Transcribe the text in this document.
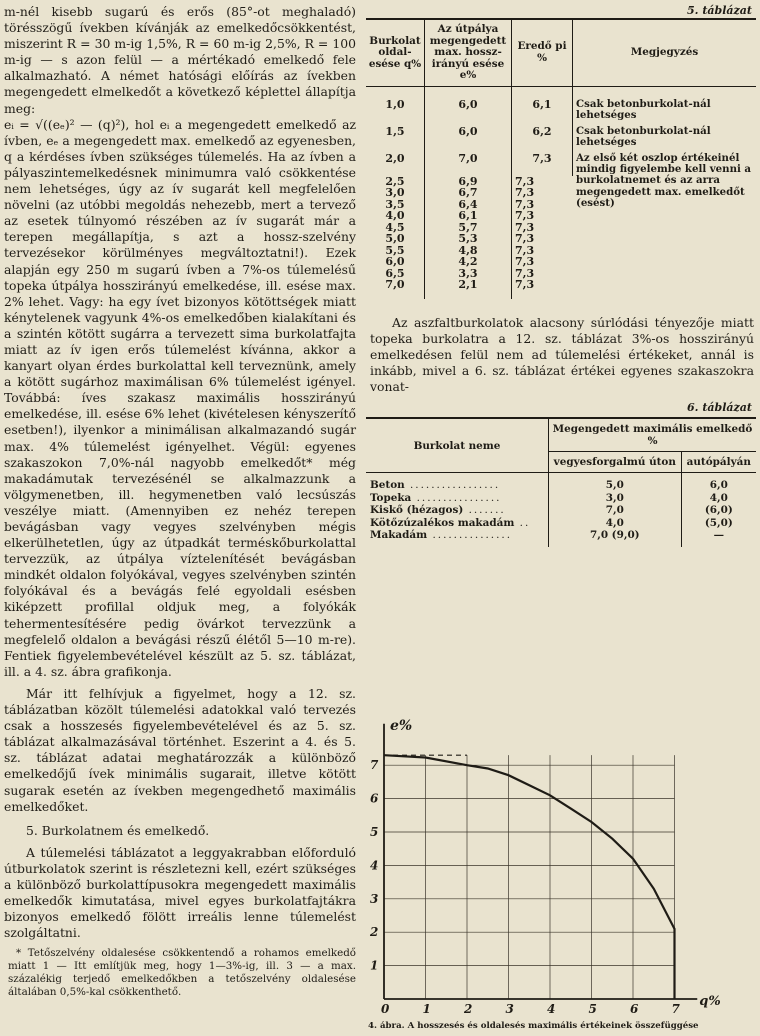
m-nél kisebb sugarú és erős (85°-ot meghaladó) törésszögű ívekben kívánják az emelkedőcsökkentést, miszerint R = 30 m-ig 1,5%, R = 60 m-ig 2,5%, R = 100 m-ig — s azon felül — a mértékadó emelkedő fele alkalmazható. A német hatósági előírás az ívekben megengedett elmelkedőt a következő képlettel állapítja meg:

eᵢ = √((eₑ)² — (q)²), hol eᵢ a megengedett emelkedő az ívben, eₑ a megengedett max. emelkedő az egyenesben, q a kérdéses ívben szükséges túlemelés. Ha az ívben a pályaszintemelkedésnek minimumra való csökkentése nem lehetséges, úgy az ív sugarát kell megfelelően növelni (az utóbbi megoldás nehezebb, mert a tervező az esetek túlnyomó részében az ív sugarát már a terepen megállapítja, s azt a hossz-szelvény tervezésekor körülményes megváltoztatni!). Ezek alapján egy 250 m sugarú ívben a 7%-os túlemelésű topeka útpálya hosszirányú emelkedése, ill. esése max. 2% lehet. Vagy: ha egy ívet bizonyos kötöttségek miatt kénytelenek vagyunk 4%-os emelkedőben kialakítani és a szintén kötött sugárra a tervezett sima burkolatfajta miatt az ív igen erős túlemelést kívánna, akkor a kanyart olyan érdes burkolattal kell terveznünk, amely a kötött sugárhoz maximálisan 6% túlemelést igényel. Továbbá: íves szakasz maximális hosszirányú emelkedése, ill. esése 6% lehet (kivételesen kényszerítő esetben!), ilyenkor a minimálisan alkalmazandó sugár max. 4% túlemelést igényelhet. Végül: egyenes szakaszokon 7,0%-nál nagyobb emelkedőt* még makadámutak tervezésénél se alkalmazzunk a völgymenetben, ill. hegymenetben való lecsúszás veszélye miatt. (Amennyiben ez nehéz terepen bevágásban vagy vegyes szelvényben mégis elkerülhetetlen, úgy az útpadkát terméskőburkolattal tervezzük, az útpálya víztelenítését bevágásban mindkét oldalon folyókával, vegyes szelvényben szintén folyókával és a bevágás felé egyoldali esésben kiképzett profillal oldjuk meg, a folyókák tehermentesítésére pedig övárkot tervezzünk a megfelelő oldalon a bevágási részű élétől 5—10 m-re). Fentiek figyelembevételével készült az 5. sz. táblázat, ill. a 4. sz. ábra grafikonja.

Már itt felhívjuk a figyelmet, hogy a 12. sz. táblázatban közölt túlemelési adatokkal való tervezés csak a hosszesés figyelembevételével és az 5. sz. táblázat alkalmazásával történhet. Eszerint a 4. és 5. sz. táblázat adatai meghatározzák a különböző emelkedőjű ívek minimális sugarait, illetve kötött sugarak esetén az ívekben megengedhető maximális emelkedőket.

5. Burkolatnem és emelkedő.

A túlemelési táblázatot a leggyakrabban előforduló útburkolatok szerint is részletezni kell, ezért szükséges a különböző burkolattípusokra megengedett maximális emelkedők kimutatása, mivel egyes burkolatfajtákra bizonyos emelkedő fölött irreális lenne túlemelést szolgáltatni.

* Tetőszelvény oldalesése csökkentendő a rohamos emelkedő miatt 1 — Itt említjük meg, hogy 1—3%-ig, ill. 3 — a max. százalékig terjedő emelkedőkben a tetőszelvény oldalesése általában 0,5%-kal csökkenthető.
5. táblázat
Burkolat oldal-esése q%	Az útpálya megengedett max. hossz-irányú esése e%	Eredő pi %	Megjegyzés

1,0	6,0	6,1	Csak betonburkolat-nál lehetséges
1,5	6,0	6,2	Csak betonburkolat-nál lehetséges
2,0	7,0	7,3	Az első két oszlop értékeinél mindig figyelembe kell venni a burkolatnemet és az arra megengedett max. emelkedőt (esést)
2,5	6,9	7,3	
3,0	6,7	7,3	
3,5	6,4	7,3	
4,0	6,1	7,3	
4,5	5,7	7,3	
5,0	5,3	7,3	
5,5	4,8	7,3	
6,0	4,2	7,3	
6,5	3,3	7,3	
7,0	2,1	7,3	

Az aszfaltburkolatok alacsony súrlódási tényezője miatt topeka burkolatra a 12. sz. táblázat 3%-os hosszirányú emelkedésen felül nem ad túlemelési értékeket, annál is inkább, mivel a 6. sz. táblázat értékei egyenes szakaszokra vonat-

6. táblázat
Burkolat neme	Megengedett maximális emelkedő %	
	vegyesforgalmú úton	autópályán

Beton .................	5,0	6,0
Topeka ................	3,0	4,0
Kiskő (hézagos) .......	7,0	(6,0)
Kötőzúzalékos makadám ..	4,0	(5,0)
Makadám ...............	7,0 (9,0)	—

0	1	2	3	4	5	6	7
1
2
3
4
5
6
7
e%
q%
4. ábra. A hosszesés és oldalesés maximális értékeinek összefüggése
